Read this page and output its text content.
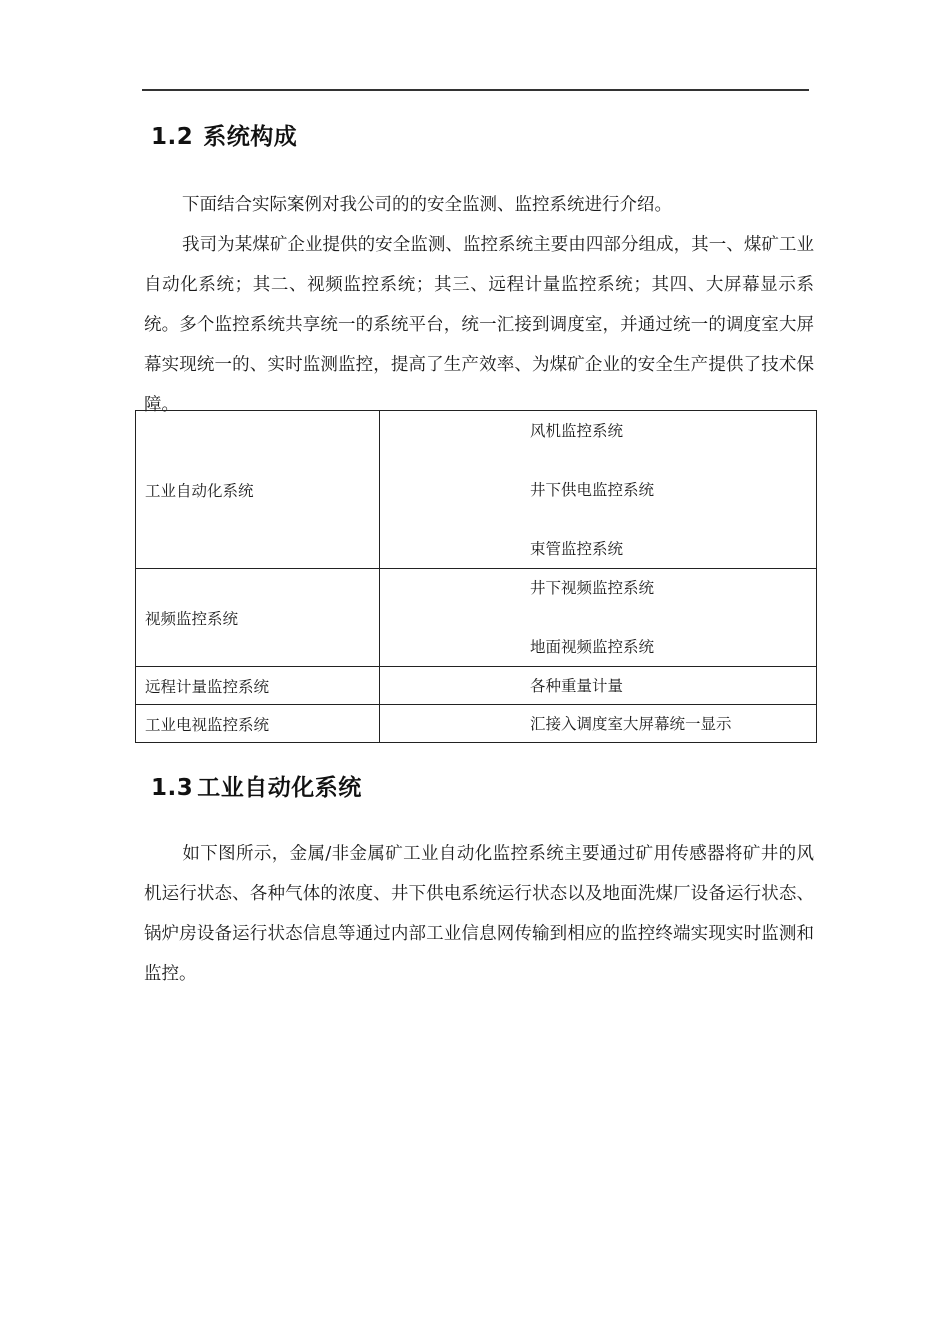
1.2 系统构成
下面结合实际案例对我公司的的安全监测、监控系统进行介绍。
我司为某煤矿企业提供的安全监测、监控系统主要由四部分组成，其一、煤矿工业自动化系统；其二、视频监控系统；其三、远程计量监控系统；其四、大屏幕显示系统。多个监控系统共享统一的系统平台，统一汇接到调度室，并通过统一的调度室大屏幕实现统一的、实时监测监控，提高了生产效率、为煤矿企业的安全生产提供了技术保障。
工业自动化系统	风机监控系统
井下供电监控系统
束管监控系统

视频监控系统	井下视频监控系统
地面视频监控系统

远程计量监控系统	各种重量计量

工业电视监控系统	汇接入调度室大屏幕统一显示
1.3 工业自动化系统
如下图所示，金属/非金属矿工业自动化监控系统主要通过矿用传感器将矿井的风机运行状态、各种气体的浓度、井下供电系统运行状态以及地面洗煤厂设备运行状态、锅炉房设备运行状态信息等通过内部工业信息网传输到相应的监控终端实现实时监测和监控。
